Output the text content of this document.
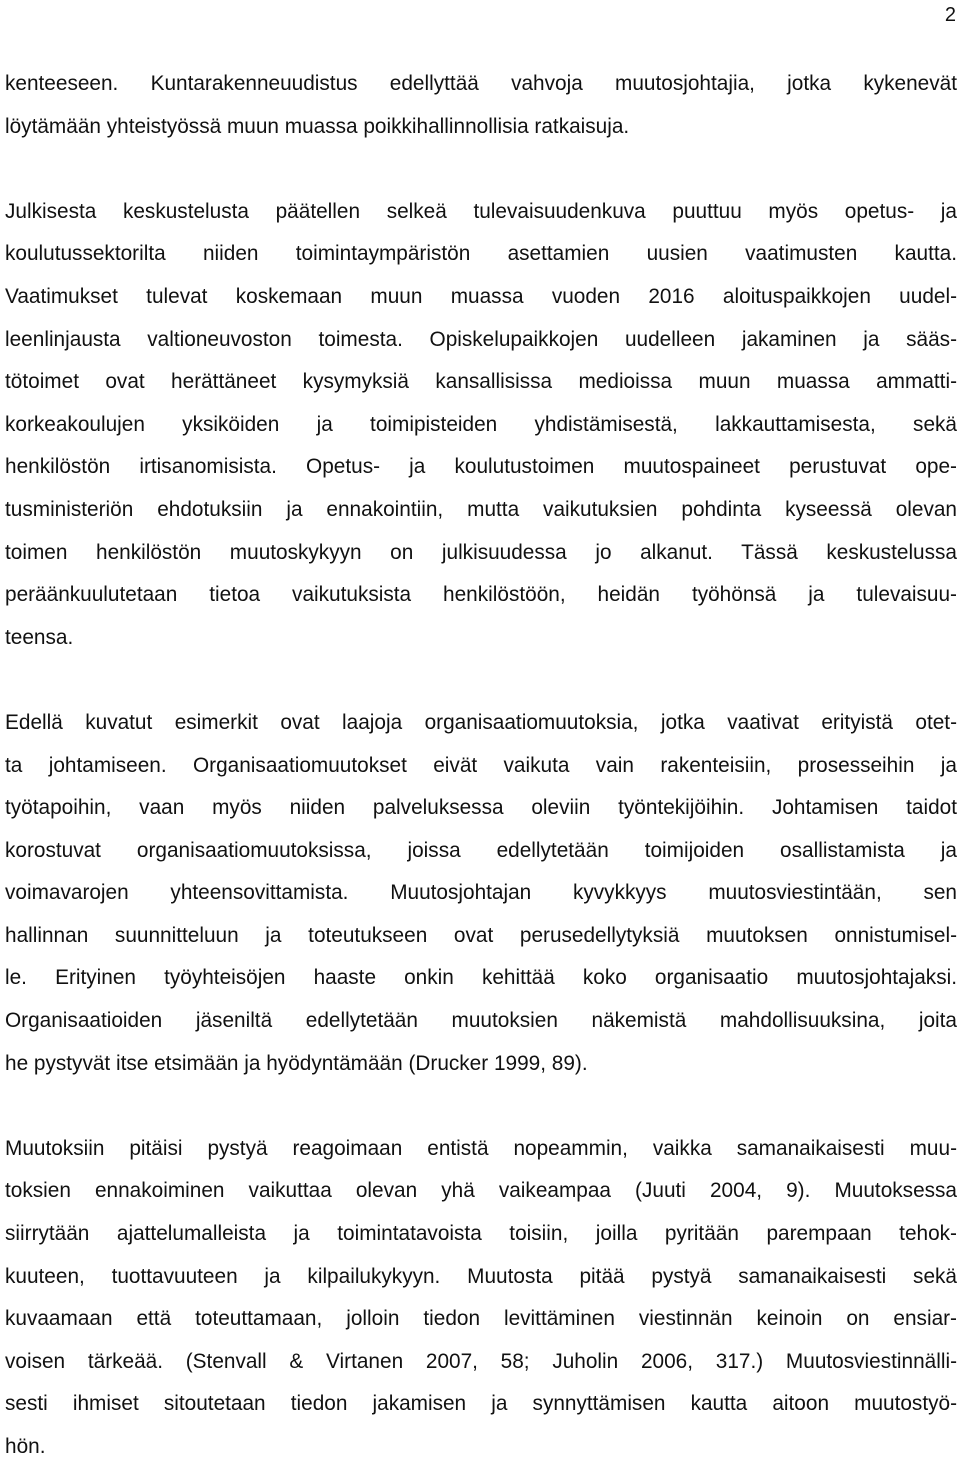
2
kenteeseen. Kuntarakenneuudistus edellyttää vahvoja muutosjohtajia, jotka kykenevät
löytämään yhteistyössä muun muassa poikkihallinnollisia ratkaisuja.
Julkisesta keskustelusta päätellen selkeä tulevaisuudenkuva puuttuu myös opetus- ja
koulutussektorilta niiden toimintaympäristön asettamien uusien vaatimusten kautta.
Vaatimukset tulevat koskemaan muun muassa vuoden 2016 aloituspaikkojen uudel-
leenlinjausta valtioneuvoston toimesta. Opiskelupaikkojen uudelleen jakaminen ja sääs-
tötoimet ovat herättäneet kysymyksiä kansallisissa medioissa muun muassa ammatti-
korkeakoulujen yksiköiden ja toimipisteiden yhdistämisestä, lakkauttamisesta, sekä
henkilöstön irtisanomisista. Opetus- ja koulutustoimen muutospaineet perustuvat ope-
tusministeriön ehdotuksiin ja ennakointiin, mutta vaikutuksien pohdinta kyseessä olevan
toimen henkilöstön muutoskykyyn on julkisuudessa jo alkanut. Tässä keskustelussa
peräänkuulutetaan tietoa vaikutuksista henkilöstöön, heidän työhönsä ja tulevaisuu-
teensa.
Edellä kuvatut esimerkit ovat laajoja organisaatiomuutoksia, jotka vaativat erityistä otet-
ta johtamiseen. Organisaatiomuutokset eivät vaikuta vain rakenteisiin, prosesseihin ja
työtapoihin, vaan myös niiden palveluksessa oleviin työntekijöihin. Johtamisen taidot
korostuvat organisaatiomuutoksissa, joissa edellytetään toimijoiden osallistamista ja
voimavarojen yhteensovittamista. Muutosjohtajan kyvykkyys muutosviestintään, sen
hallinnan suunnitteluun ja toteutukseen ovat perusedellytyksiä muutoksen onnistumisel-
le. Erityinen työyhteisöjen haaste onkin kehittää koko organisaatio muutosjohtajaksi.
Organisaatioiden jäseniltä edellytetään muutoksien näkemistä mahdollisuuksina, joita
he pystyvät itse etsimään ja hyödyntämään (Drucker 1999, 89).
Muutoksiin pitäisi pystyä reagoimaan entistä nopeammin, vaikka samanaikaisesti muu-
toksien ennakoiminen vaikuttaa olevan yhä vaikeampaa (Juuti 2004, 9). Muutoksessa
siirrytään ajattelumalleista ja toimintatavoista toisiin, joilla pyritään parempaan tehok-
kuuteen, tuottavuuteen ja kilpailukykyyn. Muutosta pitää pystyä samanaikaisesti sekä
kuvaamaan että toteuttamaan, jolloin tiedon levittäminen viestinnän keinoin on ensiar-
voisen tärkeää. (Stenvall & Virtanen 2007, 58; Juholin 2006, 317.) Muutosviestinnälli-
sesti ihmiset sitoutetaan tiedon jakamisen ja synnyttämisen kautta aitoon muutostyö-
hön.
